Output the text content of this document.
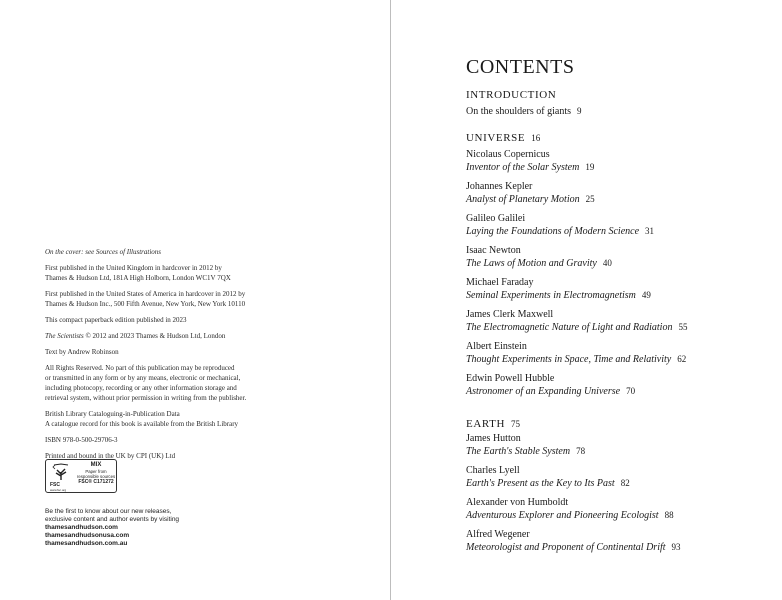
On the cover: see Sources of Illustrations

First published in the United Kingdom in hardcover in 2012 by
Thames & Hudson Ltd, 181A High Holborn, London WC1V 7QX

First published in the United States of America in hardcover in 2012 by
Thames & Hudson Inc., 500 Fifth Avenue, New York, New York 10110

This compact paperback edition published in 2023

The Scientists © 2012 and 2023 Thames & Hudson Ltd, London

Text by Andrew Robinson

All Rights Reserved. No part of this publication may be reproduced
or transmitted in any form or by any means, electronic or mechanical,
including photocopy, recording or any other information storage and
retrieval system, without prior permission in writing from the publisher.

British Library Cataloguing-in-Publication Data
A catalogue record for this book is available from the British Library

ISBN 978-0-500-29706-3

Printed and bound in the UK by CPI (UK) Ltd

FSC
www.fsc.org
MIX
Paper from
responsible sources
FSC® C171272
Be the first to know about our new releases,
exclusive content and author events by visiting
thamesandhudson.com
thamesandhudsonusa.com
thamesandhudson.com.au
CONTENTS

INTRODUCTION

On the shoulders of giants 9

UNIVERSE 16

Nicolaus Copernicus

Inventor of the Solar System 19

Johannes Kepler

Analyst of Planetary Motion 25

Galileo Galilei

Laying the Foundations of Modern Science 31

Isaac Newton

The Laws of Motion and Gravity 40

Michael Faraday

Seminal Experiments in Electromagnetism 49

James Clerk Maxwell

The Electromagnetic Nature of Light and Radiation 55

Albert Einstein

Thought Experiments in Space, Time and Relativity 62

Edwin Powell Hubble

Astronomer of an Expanding Universe 70

EARTH 75

James Hutton

The Earth's Stable System 78

Charles Lyell

Earth's Present as the Key to Its Past 82

Alexander von Humboldt

Adventurous Explorer and Pioneering Ecologist 88

Alfred Wegener

Meteorologist and Proponent of Continental Drift 93
